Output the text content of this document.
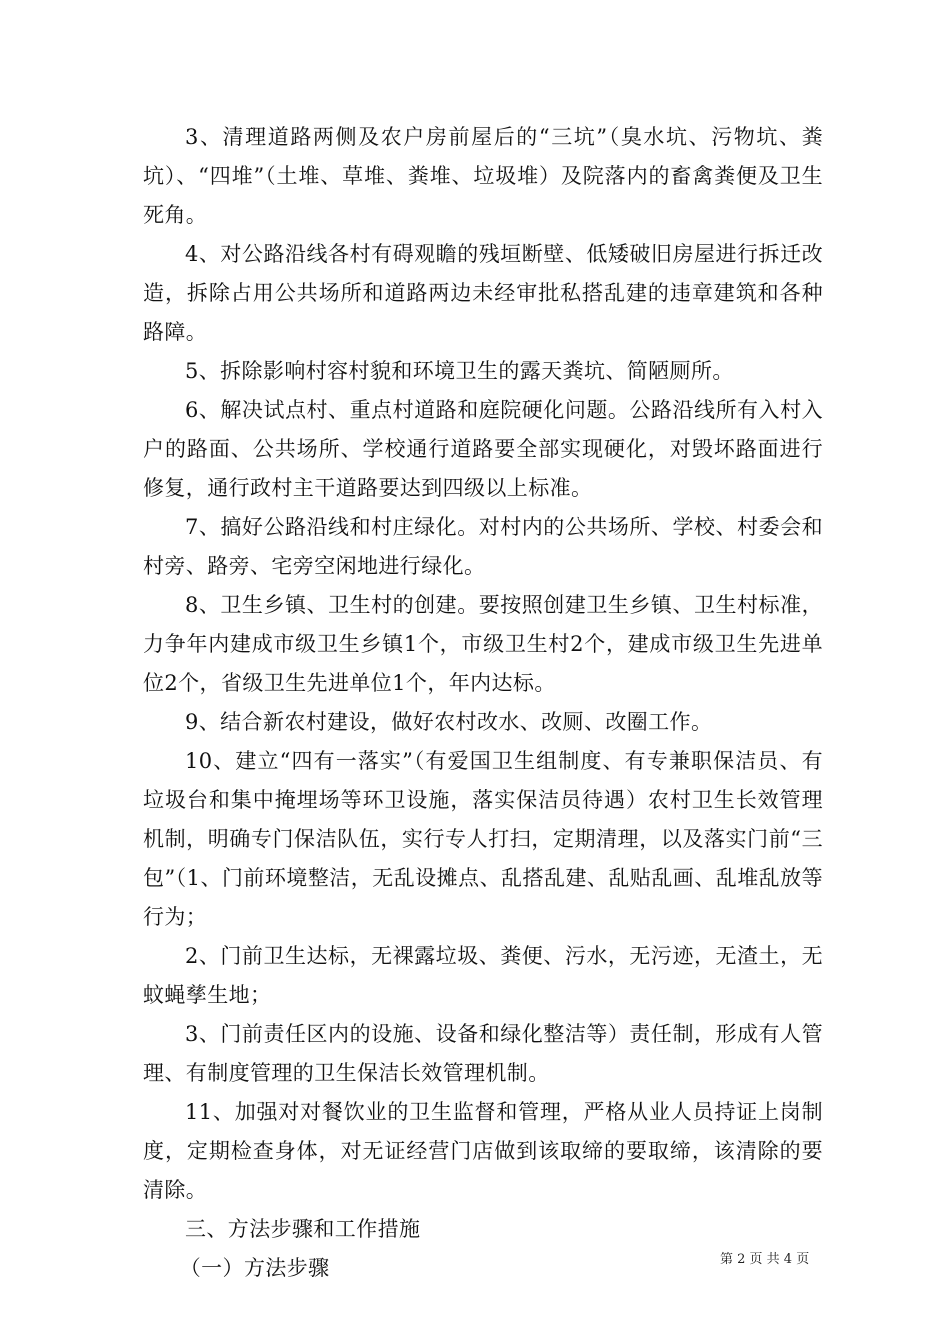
3、清理道路两侧及农户房前屋后的“三坑”（臭水坑、污物坑、粪坑）、“四堆”（土堆、草堆、粪堆、垃圾堆）及院落内的畜禽粪便及卫生死角。

4、对公路沿线各村有碍观瞻的残垣断壁、低矮破旧房屋进行拆迁改造，拆除占用公共场所和道路两边未经审批私搭乱建的违章建筑和各种路障。

5、拆除影响村容村貌和环境卫生的露天粪坑、简陋厕所。

6、解决试点村、重点村道路和庭院硬化问题。公路沿线所有入村入户的路面、公共场所、学校通行道路要全部实现硬化，对毁坏路面进行修复，通行政村主干道路要达到四级以上标准。

7、搞好公路沿线和村庄绿化。对村内的公共场所、学校、村委会和村旁、路旁、宅旁空闲地进行绿化。

8、卫生乡镇、卫生村的创建。要按照创建卫生乡镇、卫生村标准，力争年内建成市级卫生乡镇1个，市级卫生村2个，建成市级卫生先进单位2个，省级卫生先进单位1个，年内达标。

9、结合新农村建设，做好农村改水、改厕、改圈工作。

10、建立“四有一落实”（有爱国卫生组制度、有专兼职保洁员、有垃圾台和集中掩埋场等环卫设施，落实保洁员待遇）农村卫生长效管理机制，明确专门保洁队伍，实行专人打扫，定期清理，以及落实门前“三包”（1、门前环境整洁，无乱设摊点、乱搭乱建、乱贴乱画、乱堆乱放等行为；

2、门前卫生达标，无裸露垃圾、粪便、污水，无污迹，无渣土，无蚊蝇孳生地；

3、门前责任区内的设施、设备和绿化整洁等）责任制，形成有人管理、有制度管理的卫生保洁长效管理机制。

11、加强对对餐饮业的卫生监督和管理，严格从业人员持证上岗制度，定期检查身体，对无证经营门店做到该取缔的要取缔，该清除的要清除。

三、方法步骤和工作措施

（一）方法步骤	第 2 页 共 4 页
